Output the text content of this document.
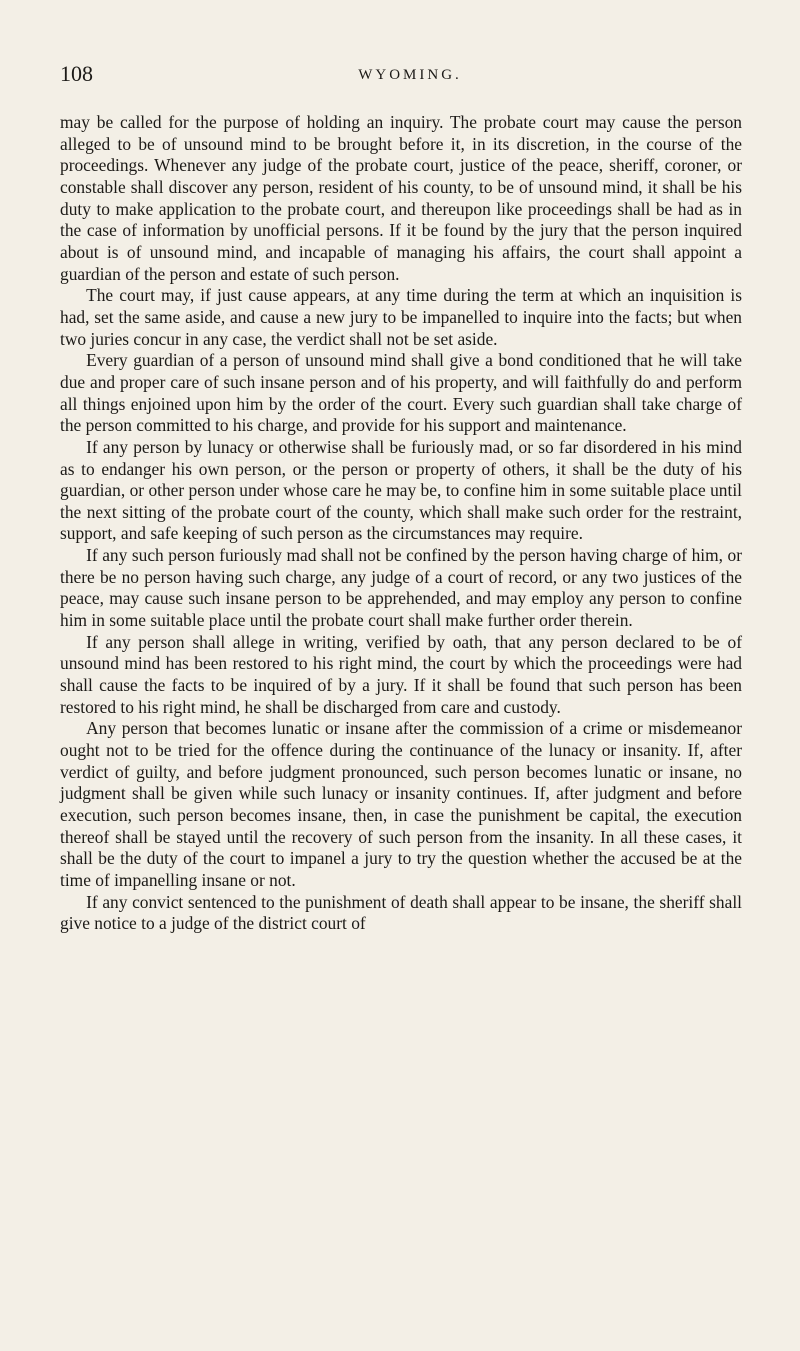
108	WYOMING.

may be called for the purpose of holding an inquiry. The probate court may cause the person alleged to be of unsound mind to be brought before it, in its discretion, in the course of the proceedings. Whenever any judge of the probate court, justice of the peace, sheriff, coroner, or constable shall discover any person, resident of his county, to be of unsound mind, it shall be his duty to make application to the probate court, and thereupon like proceedings shall be had as in the case of information by unofficial persons. If it be found by the jury that the person inquired about is of unsound mind, and incapable of managing his affairs, the court shall appoint a guardian of the person and estate of such person.

The court may, if just cause appears, at any time during the term at which an inquisition is had, set the same aside, and cause a new jury to be impanelled to inquire into the facts; but when two juries concur in any case, the verdict shall not be set aside.

Every guardian of a person of unsound mind shall give a bond conditioned that he will take due and proper care of such insane person and of his property, and will faithfully do and perform all things enjoined upon him by the order of the court. Every such guardian shall take charge of the person committed to his charge, and provide for his support and maintenance.

If any person by lunacy or otherwise shall be furiously mad, or so far disordered in his mind as to endanger his own person, or the person or property of others, it shall be the duty of his guardian, or other person under whose care he may be, to confine him in some suitable place until the next sitting of the probate court of the county, which shall make such order for the restraint, support, and safe keeping of such person as the circumstances may require.

If any such person furiously mad shall not be confined by the person having charge of him, or there be no person having such charge, any judge of a court of record, or any two justices of the peace, may cause such insane person to be apprehended, and may employ any person to confine him in some suitable place until the probate court shall make further order therein.

If any person shall allege in writing, verified by oath, that any person declared to be of unsound mind has been restored to his right mind, the court by which the proceedings were had shall cause the facts to be inquired of by a jury. If it shall be found that such person has been restored to his right mind, he shall be discharged from care and custody.

Any person that becomes lunatic or insane after the commission of a crime or misdemeanor ought not to be tried for the offence during the continuance of the lunacy or insanity. If, after verdict of guilty, and before judgment pronounced, such person becomes lunatic or insane, no judgment shall be given while such lunacy or insanity continues. If, after judgment and before execution, such person becomes insane, then, in case the punishment be capital, the execution thereof shall be stayed until the recovery of such person from the insanity. In all these cases, it shall be the duty of the court to impanel a jury to try the question whether the accused be at the time of impanelling insane or not.

If any convict sentenced to the punishment of death shall appear to be insane, the sheriff shall give notice to a judge of the district court of
